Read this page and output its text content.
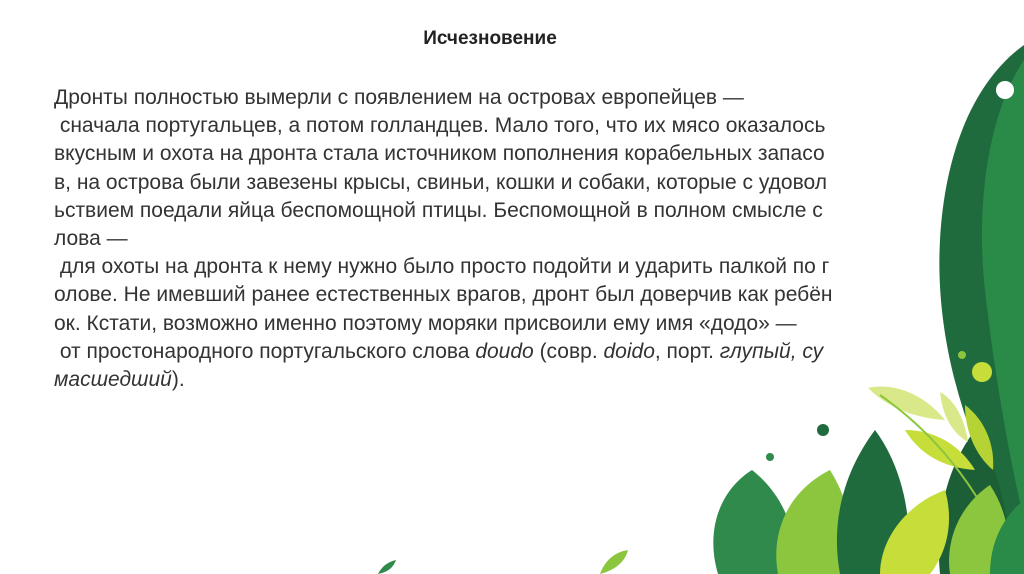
Исчезновение
Дронты полностью вымерли с появлением на островах европейцев —
сначала португальцев, а потом голландцев. Мало того, что их мясо оказалось
вкусным и охота на дронта стала источником пополнения корабельных запасо
в, на острова были завезены крысы, свиньи, кошки и собаки, которые с удовол
ьствием поедали яйца беспомощной птицы. Беспомощной в полном смысле с
лова —
для охоты на дронта к нему нужно было просто подойти и ударить палкой по г
олове. Не имевший ранее естественных врагов, дронт был доверчив как ребён
ок. Кстати, возможно именно поэтому моряки присвоили ему имя «додо» —
от простонародного португальского слова doudo (совр. doido, порт. глупый, су
масшедший).
